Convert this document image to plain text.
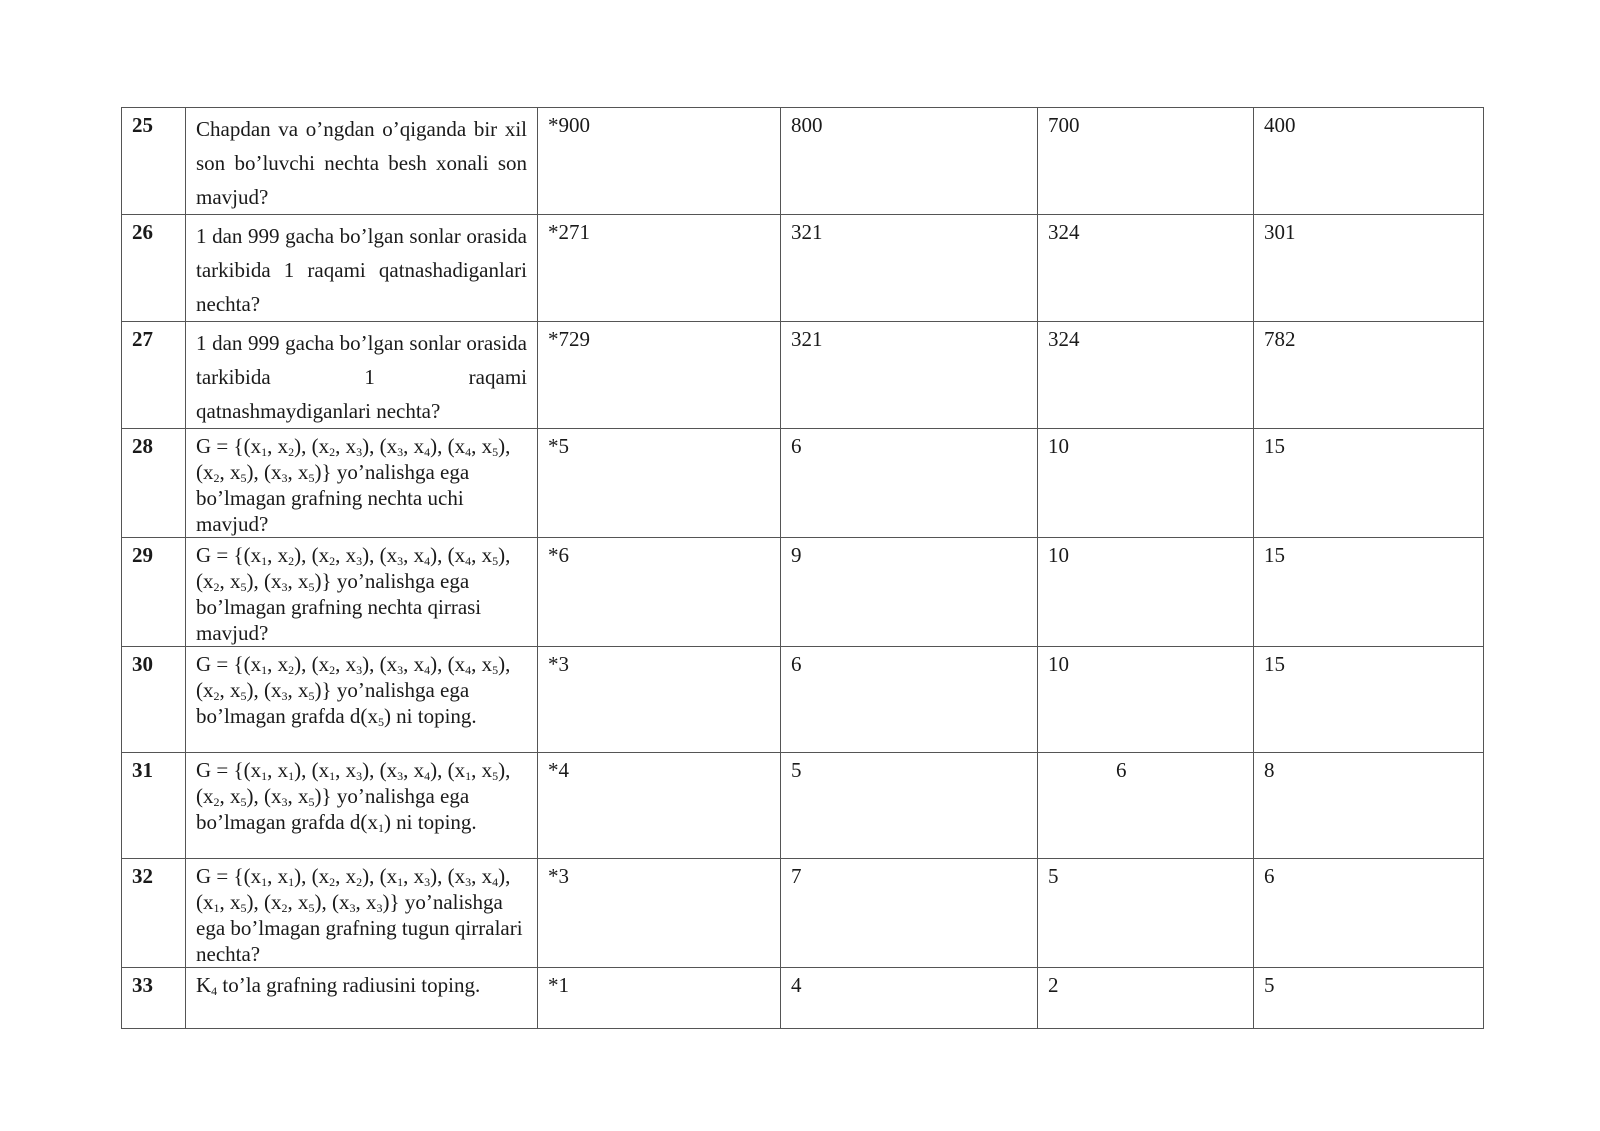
25	Chapdan va o’ngdan o’qiganda bir xil son bo’luvchi nechta besh xonali son mavjud?	*900	800	700	400
26	1 dan 999 gacha bo’lgan sonlar orasida tarkibida 1 raqami qatnashadiganlari nechta?	*271	321	324	301
27	1 dan 999 gacha bo’lgan sonlar orasida tarkibida 1 raqami qatnashmaydiganlari nechta?	*729	321	324	782
28	$G = \{(x_1$, $x_2$), ($x_2$, $x_3$), ($x_3$, $x_4$), ($x_4$, $x_5$), ($x_2$, $x_5$), ($x_3$, $x_5$)} yo’nalishga ega bo’lmagan grafning nechta uchi mavjud?	*5	6	10	15
29	$G = \{(x_1$, $x_2$), ($x_2$, $x_3$), ($x_3$, $x_4$), ($x_4$, $x_5$), ($x_2$, $x_5$), ($x_3$, $x_5$)} yo’nalishga ega bo’lmagan grafning nechta qirrasi mavjud?	*6	9	10	15
30	$G = \{(x_1$, $x_2$), ($x_2$, $x_3$), ($x_3$, $x_4$), ($x_4$, $x_5$), ($x_2$, $x_5$), ($x_3$, $x_5$)} yo’nalishga ega bo’lmagan grafda $d(x_5)$ ni toping.	*3	6	10	15
31	$G = \{(x_1$, $x_1$), ($x_1$, $x_3$), ($x_3$, $x_4$), ($x_1$, $x_5$), ($x_2$, $x_5$), ($x_3$, $x_5$)} yo’nalishga ega bo’lmagan grafda $d(x_1)$ ni toping.	*4	5	6	8
32	$G = \{(x_1$, $x_1$), ($x_2$, $x_2$), ($x_1$, $x_3$), ($x_3$, $x_4$), ($x_1$, $x_5$), ($x_2$, $x_5$), ($x_3$, $x_3$)} yo’nalishga ega bo’lmagan grafning tugun qirralari nechta?	*3	7	5	6
33	$K_4$ to’la grafning radiusini toping.	*1	4	2	5
